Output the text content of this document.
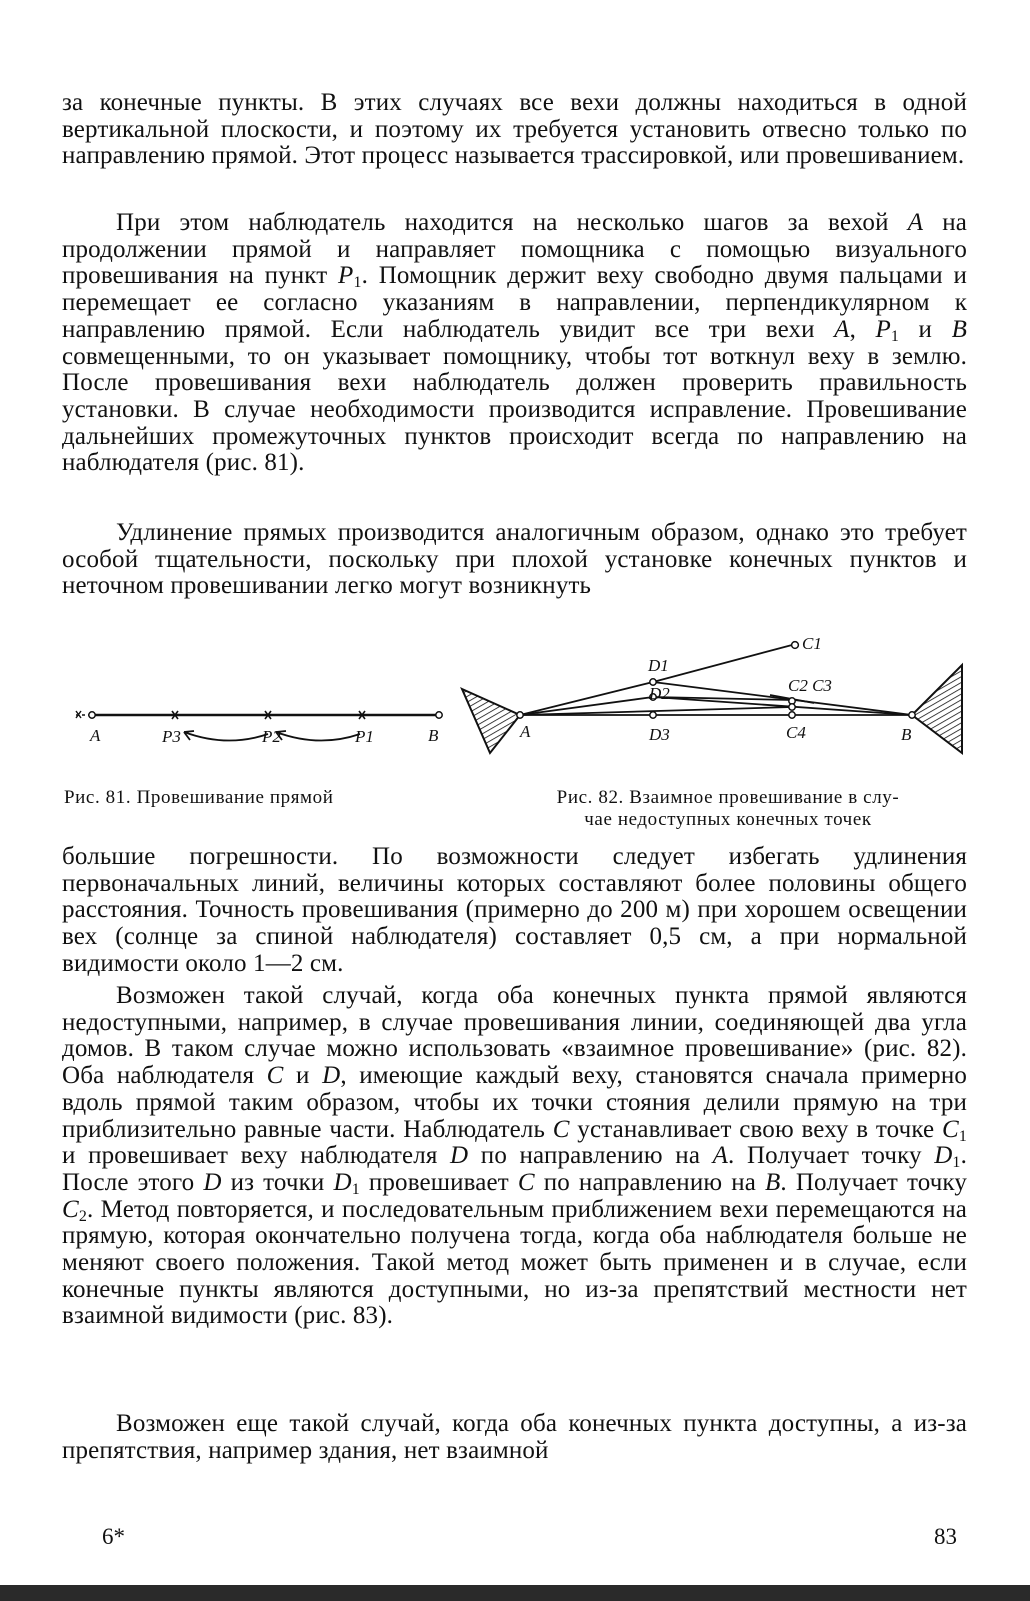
за конечные пункты. В этих случаях все вехи должны находиться в одной вертикальной плоскости, и поэтому их требуется установить отвесно только по направлению прямой. Этот процесс называется трассировкой, или провешиванием.

При этом наблюдатель находится на несколько шагов за вехой A на продолжении прямой и направляет помощника с помощью визуального провешивания на пункт $P_1$. Помощник держит веху свободно двумя пальцами и перемещает ее согласно указаниям в направлении, перпендикулярном к направлению прямой. Если наблюдатель увидит все три вехи A, $P_1$ и B совмещенными, то он указывает помощнику, чтобы тот воткнул веху в землю. После провешивания вехи наблюдатель должен проверить правильность установки. В случае необходимости производится исправление. Провешивание дальнейших промежуточных пунктов происходит всегда по направлению на наблюдателя (рис. 81).

Удлинение прямых производится аналогичным образом, однако это требует особой тщательности, поскольку при плохой установке конечных пунктов и неточном провешивании легко могут возникнуть

A	P3	P2	P1	B
C1
C2 C3
C4
D1
D2
D3
A	B

Рис. 81. Провешивание прямой	Рис. 82. Взаимное провешивание в слу-
чае недоступных конечных точек

большие погрешности. По возможности следует избегать удлинения первоначальных линий, величины которых составляют более половины общего расстояния. Точность провешивания (примерно до 200 м) при хорошем освещении вех (солнце за спиной наблюдателя) составляет 0,5 см, а при нормальной видимости около 1—2 см.

Возможен такой случай, когда оба конечных пункта прямой являются недоступными, например, в случае провешивания линии, соединяющей два угла домов. В таком случае можно использовать «взаимное провешивание» (рис. 82). Оба наблюдателя C и D, имеющие каждый веху, становятся сначала примерно вдоль прямой таким образом, чтобы их точки стояния делили прямую на три приблизительно равные части. Наблюдатель C устанавливает свою веху в точке $C_1$ и провешивает веху наблюдателя D по направлению на A. Получает точку $D_1$. После этого D из точки $D_1$ провешивает C по направлению на B. Получает точку $C_2$. Метод повторяется, и последовательным приближением вехи перемещаются на прямую, которая окончательно получена тогда, когда оба наблюдателя больше не меняют своего положения. Такой метод может быть применен и в случае, если конечные пункты являются доступными, но из-за препятствий местности нет взаимной видимости (рис. 83).

Возможен еще такой случай, когда оба конечных пункта доступны, а из-за препятствия, например здания, нет взаимной

6*	83
